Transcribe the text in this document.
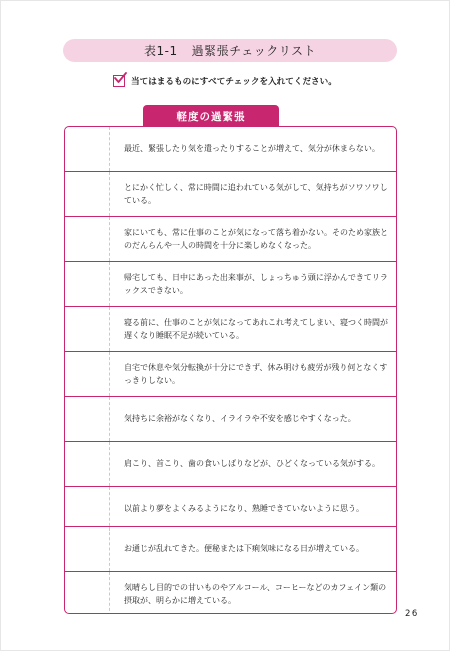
表1-1 過緊張チェックリスト
当てはまるものにすべてチェックを入れてください。
軽度の過緊張
最近、緊張したり気を遣ったりすることが増えて、気分が休まらない。
とにかく忙しく、常に時間に追われている気がして、気持ちがソワソワしている。
家にいても、常に仕事のことが気になって落ち着かない。そのため家族とのだんらんや一人の時間を十分に楽しめなくなった。
帰宅しても、日中にあった出来事が、しょっちゅう頭に浮かんできてリラックスできない。
寝る前に、仕事のことが気になってあれこれ考えてしまい、寝つく時間が遅くなり睡眠不足が続いている。
自宅で休息や気分転換が十分にできず、休み明けも疲労が残り何となくすっきりしない。
気持ちに余裕がなくなり、イライラや不安を感じやすくなった。
肩こり、首こり、歯の食いしばりなどが、ひどくなっている気がする。
以前より夢をよくみるようになり、熟睡できていないように思う。
お通じが乱れてきた。便秘または下痢気味になる日が増えている。
気晴らし目的での甘いものやアルコール、コーヒーなどのカフェイン類の摂取が、明らかに増えている。
26
